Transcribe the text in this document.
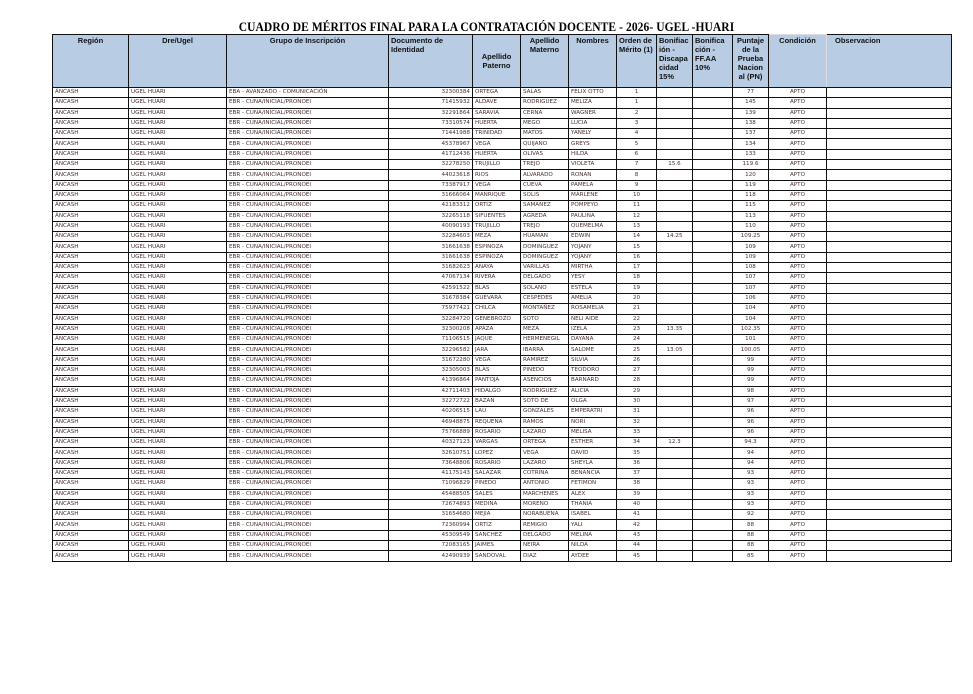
CUADRO DE MÉRITOS FINAL PARA LA CONTRATACIÓN DOCENTE - 2026- UGEL -HUARI
Región	Dre/Ugel	Grupo de Inscripción	Documento de Identidad	Apellido Paterno	Apellido Materno	Nombres	Orden de Mérito (1)	Bonifiac ión - Discapa cidad 15%	Bonifica ción - FF.AA 10%	Puntaje de la Prueba Nacion al (PN)	Condición	Observacion
ÁNCASH	UGEL HUARI	EBA - AVANZADO - COMUNICACIÓN	32300384	ORTEGA	SALAS	FELIX OTTO	1			77	APTO	
ÁNCASH	UGEL HUARI	EBR - CUNA/INICIAL/PRONOEI	71415932	ALDAVE	RODRIGUEZ	MELIZA	1			145	APTO	
ÁNCASH	UGEL HUARI	EBR - CUNA/INICIAL/PRONOEI	32291864	SARAVIA	CERNA	WAGNER	2			139	APTO	
ÁNCASH	UGEL HUARI	EBR - CUNA/INICIAL/PRONOEI	73310574	HUERTA	MEGO	LUCIA	3			138	APTO	
ÁNCASH	UGEL HUARI	EBR - CUNA/INICIAL/PRONOEI	71441988	TRINIDAD	MATOS	YANELY	4			137	APTO	
ÁNCASH	UGEL HUARI	EBR - CUNA/INICIAL/PRONOEI	45378967	VEGA	QUIJANO	GREYS	5			134	APTO	
ÁNCASH	UGEL HUARI	EBR - CUNA/INICIAL/PRONOEI	41712436	HUERTA	OLIVAS	HILDA	6			133	APTO	
ÁNCASH	UGEL HUARI	EBR - CUNA/INICIAL/PRONOEI	32278250	TRUJILLO	TREJO	VIOLETA	7	15.6		119.6	APTO	
ÁNCASH	UGEL HUARI	EBR - CUNA/INICIAL/PRONOEI	44023618	RIOS	ALVARADO	RONAN	8			120	APTO	
ÁNCASH	UGEL HUARI	EBR - CUNA/INICIAL/PRONOEI	73387917	VEGA	CUEVA	PAMELA	9			119	APTO	
ÁNCASH	UGEL HUARI	EBR - CUNA/INICIAL/PRONOEI	31666064	MANRIQUE	SOLIS	MARLENE	10			118	APTO	
ÁNCASH	UGEL HUARI	EBR - CUNA/INICIAL/PRONOEI	42183312	ORTIZ	SAMANEZ	POMPEYO	11			115	APTO	
ÁNCASH	UGEL HUARI	EBR - CUNA/INICIAL/PRONOEI	32265118	SIFUENTES	AGREDA	PAULINA	12			113	APTO	
ÁNCASH	UGEL HUARI	EBR - CUNA/INICIAL/PRONOEI	40090193	TRUJILLO	TREJO	QUEMELMA	13			110	APTO	
ÁNCASH	UGEL HUARI	EBR - CUNA/INICIAL/PRONOEI	32284603	MEZA	HUAMAN	EDWIN	14	14.25		109.25	APTO	
ÁNCASH	UGEL HUARI	EBR - CUNA/INICIAL/PRONOEI	31661638	ESPINOZA	DOMINGUEZ	YOJANY	15			109	APTO	
ÁNCASH	UGEL HUARI	EBR - CUNA/INICIAL/PRONOEI	31661638	ESPINOZA	DOMINGUEZ	YOJANY	16			109	APTO	
ÁNCASH	UGEL HUARI	EBR - CUNA/INICIAL/PRONOEI	31682623	ANAYA	VARILLAS	MIRTHA	17			108	APTO	
ÁNCASH	UGEL HUARI	EBR - CUNA/INICIAL/PRONOEI	47067134	RIVERA	DELGADO	YESY	18			107	APTO	
ÁNCASH	UGEL HUARI	EBR - CUNA/INICIAL/PRONOEI	42591522	BLAS	SOLANO	ESTELA	19			107	APTO	
ÁNCASH	UGEL HUARI	EBR - CUNA/INICIAL/PRONOEI	31678384	GUEVARA	CESPEDES	AMELIA	20			106	APTO	
ÁNCASH	UGEL HUARI	EBR - CUNA/INICIAL/PRONOEI	75977421	CHILCA	MONTAÑEZ	ROSAMELIA	21			104	APTO	
ÁNCASH	UGEL HUARI	EBR - CUNA/INICIAL/PRONOEI	32284720	GENEBROZO	SOTO	NELI AIDE	22			104	APTO	
ÁNCASH	UGEL HUARI	EBR - CUNA/INICIAL/PRONOEI	32300208	APAZA	MEZA	IZELA	23	13.35		102.35	APTO	
ÁNCASH	UGEL HUARI	EBR - CUNA/INICIAL/PRONOEI	71106515	JAQUE	HERMENEGIL	DAYANA	24			101	APTO	
ÁNCASH	UGEL HUARI	EBR - CUNA/INICIAL/PRONOEI	32296582	JARA	IBARRA	SALOME	25	13.05		100.05	APTO	
ÁNCASH	UGEL HUARI	EBR - CUNA/INICIAL/PRONOEI	31672280	VEGA	RAMIREZ	SILVIA	26			99	APTO	
ÁNCASH	UGEL HUARI	EBR - CUNA/INICIAL/PRONOEI	32305003	BLAS	PINEDO	TEODORO	27			99	APTO	
ÁNCASH	UGEL HUARI	EBR - CUNA/INICIAL/PRONOEI	41396864	PANTOJA	ASENCIOS	BARNARD	28			99	APTO	
ÁNCASH	UGEL HUARI	EBR - CUNA/INICIAL/PRONOEI	42711403	HIDALGO	RODRIGUEZ	ALICIA	29			98	APTO	
ÁNCASH	UGEL HUARI	EBR - CUNA/INICIAL/PRONOEI	32272722	BAZAN	SOTO DE	OLGA	30			97	APTO	
ÁNCASH	UGEL HUARI	EBR - CUNA/INICIAL/PRONOEI	40206515	LAU	GONZALES	EMPERATRI	31			96	APTO	
ÁNCASH	UGEL HUARI	EBR - CUNA/INICIAL/PRONOEI	46948875	REQUENA	RAMOS	NORI	32			96	APTO	
ÁNCASH	UGEL HUARI	EBR - CUNA/INICIAL/PRONOEI	75766889	ROSARIO	LAZARO	MELISA	33			96	APTO	
ÁNCASH	UGEL HUARI	EBR - CUNA/INICIAL/PRONOEI	40327123	VARGAS	ORTEGA	ESTHER	34	12.3		94.3	APTO	
ÁNCASH	UGEL HUARI	EBR - CUNA/INICIAL/PRONOEI	32610751	LOPEZ	VEGA	DAVID	35			94	APTO	
ÁNCASH	UGEL HUARI	EBR - CUNA/INICIAL/PRONOEI	73648806	ROSARIO	LAZARO	SHEYLA	36			94	APTO	
ÁNCASH	UGEL HUARI	EBR - CUNA/INICIAL/PRONOEI	41175143	SALAZAR	COTRINA	BENANCIA	37			93	APTO	
ÁNCASH	UGEL HUARI	EBR - CUNA/INICIAL/PRONOEI	71096829	PINEDO	ANTONIO	FETIMON	38			93	APTO	
ÁNCASH	UGEL HUARI	EBR - CUNA/INICIAL/PRONOEI	45488505	SALES	MARCHENES	ALEX	39			93	APTO	
ÁNCASH	UGEL HUARI	EBR - CUNA/INICIAL/PRONOEI	72674893	MEDINA	MORENO	THANIA	40			93	APTO	
ÁNCASH	UGEL HUARI	EBR - CUNA/INICIAL/PRONOEI	31654680	MEJIA	NORABUENA	ISABEL	41			92	APTO	
ÁNCASH	UGEL HUARI	EBR - CUNA/INICIAL/PRONOEI	72360994	ORTIZ	REMIGIO	YALI	42			88	APTO	
ÁNCASH	UGEL HUARI	EBR - CUNA/INICIAL/PRONOEI	45309549	SANCHEZ	DELGADO	MELINA	43			88	APTO	
ÁNCASH	UGEL HUARI	EBR - CUNA/INICIAL/PRONOEI	72083165	JAIMES	NEIRA	NILDA	44			88	APTO	
ÁNCASH	UGEL HUARI	EBR - CUNA/INICIAL/PRONOEI	42490939	SANDOVAL	DIAZ	AYDEE	45			85	APTO	
